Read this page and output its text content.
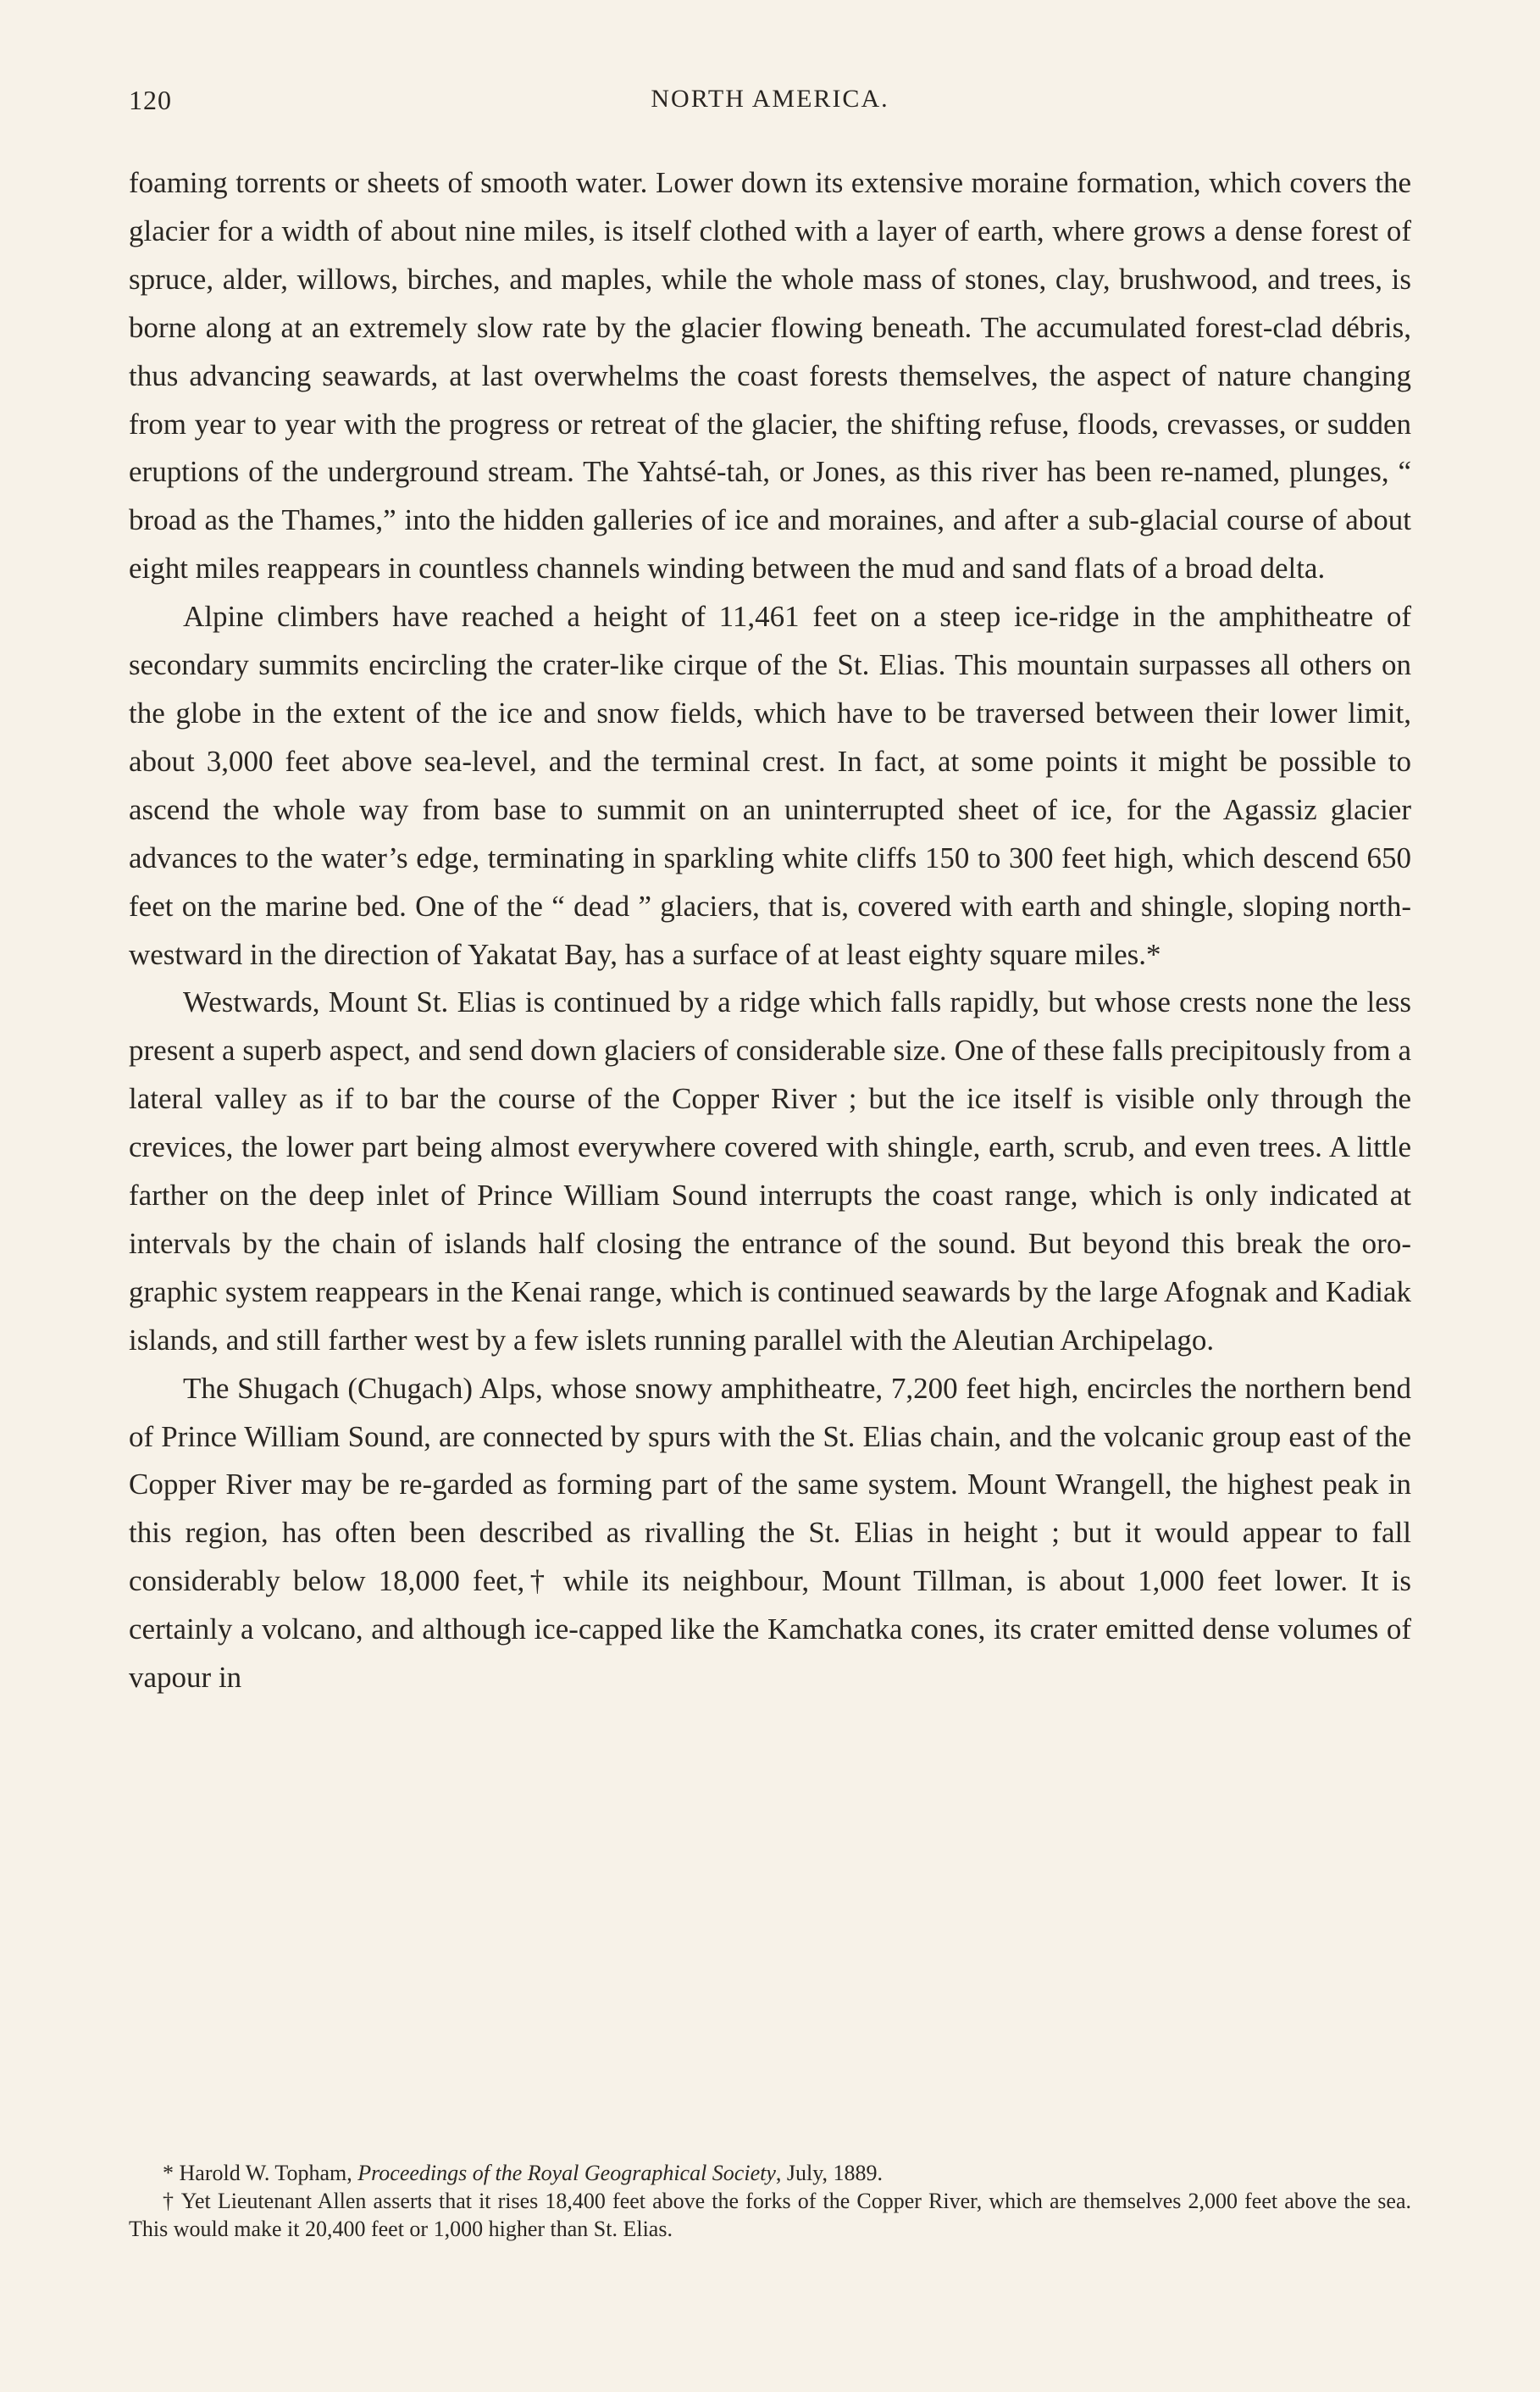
120	NORTH AMERICA.

foaming torrents or sheets of smooth water. Lower down its extensive moraine formation, which covers the glacier for a width of about nine miles, is itself clothed with a layer of earth, where grows a dense forest of spruce, alder, willows, birches, and maples, while the whole mass of stones, clay, brushwood, and trees, is borne along at an extremely slow rate by the glacier flowing beneath. The accumulated forest-clad débris, thus advancing seawards, at last overwhelms the coast forests themselves, the aspect of nature changing from year to year with the progress or retreat of the glacier, the shifting refuse, floods, crevasses, or sudden eruptions of the underground stream. The Yahtsé-tah, or Jones, as this river has been re-named, plunges, “ broad as the Thames,” into the hidden galleries of ice and moraines, and after a sub-glacial course of about eight miles reappears in countless channels winding between the mud and sand flats of a broad delta.

Alpine climbers have reached a height of 11,461 feet on a steep ice-ridge in the amphitheatre of secondary summits encircling the crater-like cirque of the St. Elias. This mountain surpasses all others on the globe in the extent of the ice and snow fields, which have to be traversed between their lower limit, about 3,000 feet above sea-level, and the terminal crest. In fact, at some points it might be possible to ascend the whole way from base to summit on an uninterrupted sheet of ice, for the Agassiz glacier advances to the water’s edge, terminating in sparkling white cliffs 150 to 300 feet high, which descend 650 feet on the marine bed. One of the “ dead ” glaciers, that is, covered with earth and shingle, sloping north-westward in the direction of Yakatat Bay, has a surface of at least eighty square miles.*

Westwards, Mount St. Elias is continued by a ridge which falls rapidly, but whose crests none the less present a superb aspect, and send down glaciers of considerable size. One of these falls precipitously from a lateral valley as if to bar the course of the Copper River ; but the ice itself is visible only through the crevices, the lower part being almost everywhere covered with shingle, earth, scrub, and even trees. A little farther on the deep inlet of Prince William Sound interrupts the coast range, which is only indicated at intervals by the chain of islands half closing the entrance of the sound. But beyond this break the oro-graphic system reappears in the Kenai range, which is continued seawards by the large Afognak and Kadiak islands, and still farther west by a few islets running parallel with the Aleutian Archipelago.

The Shugach (Chugach) Alps, whose snowy amphitheatre, 7,200 feet high, encircles the northern bend of Prince William Sound, are connected by spurs with the St. Elias chain, and the volcanic group east of the Copper River may be re-garded as forming part of the same system. Mount Wrangell, the highest peak in this region, has often been described as rivalling the St. Elias in height ; but it would appear to fall considerably below 18,000 feet,† while its neighbour, Mount Tillman, is about 1,000 feet lower. It is certainly a volcano, and although ice-capped like the Kamchatka cones, its crater emitted dense volumes of vapour in

* Harold W. Topham, Proceedings of the Royal Geographical Society, July, 1889.

† Yet Lieutenant Allen asserts that it rises 18,400 feet above the forks of the Copper River, which are themselves 2,000 feet above the sea. This would make it 20,400 feet or 1,000 higher than St. Elias.
